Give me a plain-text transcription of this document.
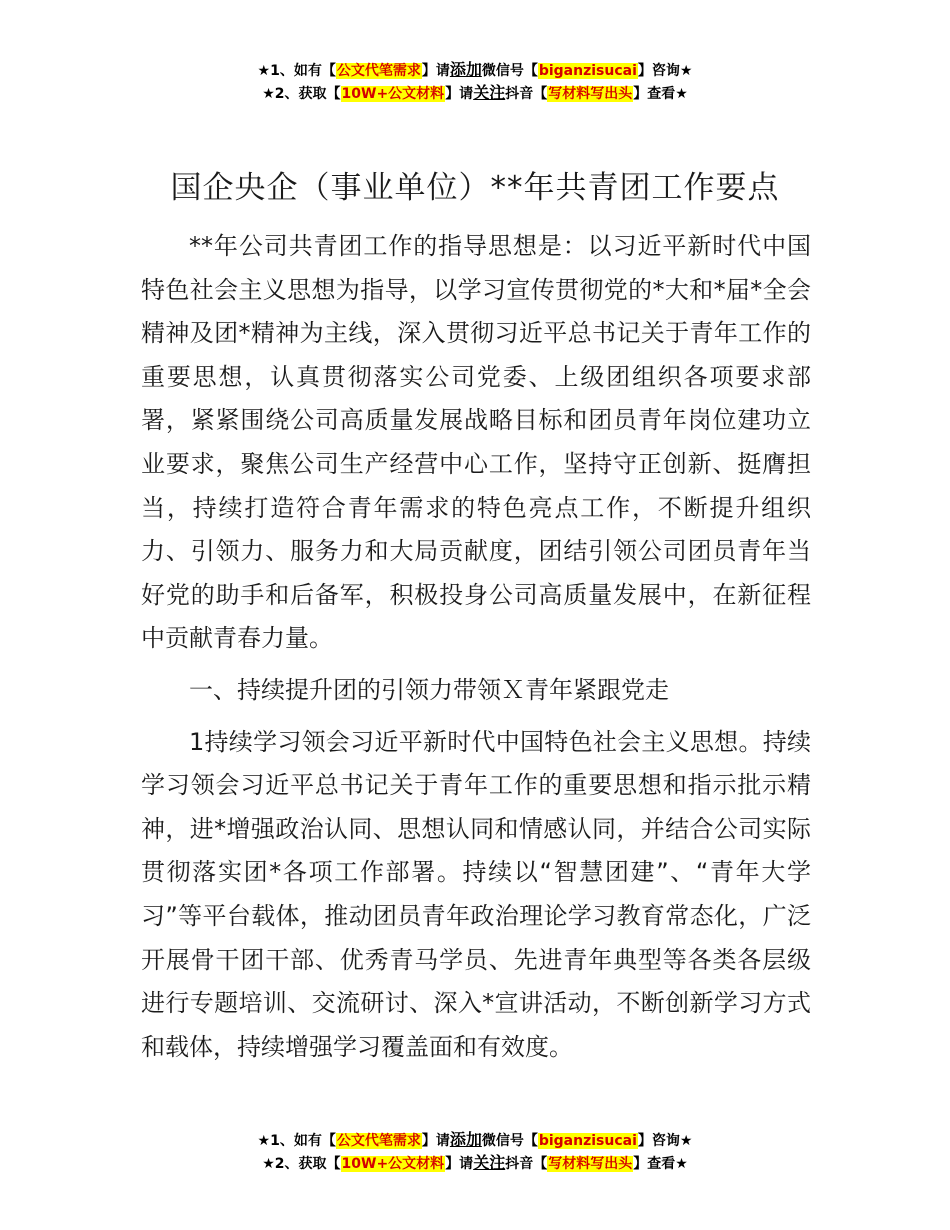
★1、如有【公文代笔需求】请添加微信号【biganzisucai】咨询★
★2、获取【10W+公文材料】请关注抖音【写材料写出头】查看★
国企央企（事业单位）**年共青团工作要点

**年公司共青团工作的指导思想是：以习近平新时代中国特色社会主义思想为指导，以学习宣传贯彻党的*大和*届*全会精神及团*精神为主线，深入贯彻习近平总书记关于青年工作的重要思想，认真贯彻落实公司党委、上级团组织各项要求部署，紧紧围绕公司高质量发展战略目标和团员青年岗位建功立业要求，聚焦公司生产经营中心工作，坚持守正创新、挺膺担当，持续打造符合青年需求的特色亮点工作，不断提升组织力、引领力、服务力和大局贡献度，团结引领公司团员青年当好党的助手和后备军，积极投身公司高质量发展中，在新征程中贡献青春力量。

一、持续提升团的引领力带领Ｘ青年紧跟党走

1持续学习领会习近平新时代中国特色社会主义思想。持续学习领会习近平总书记关于青年工作的重要思想和指示批示精神，进*增强政治认同、思想认同和情感认同，并结合公司实际贯彻落实团*各项工作部署。持续以“智慧团建”、“青年大学习”等平台载体，推动团员青年政治理论学习教育常态化，广泛开展骨干团干部、优秀青马学员、先进青年典型等各类各层级进行专题培训、交流研讨、深入*宣讲活动，不断创新学习方式和载体，持续增强学习覆盖面和有效度。

★1、如有【公文代笔需求】请添加微信号【biganzisucai】咨询★
★2、获取【10W+公文材料】请关注抖音【写材料写出头】查看★
